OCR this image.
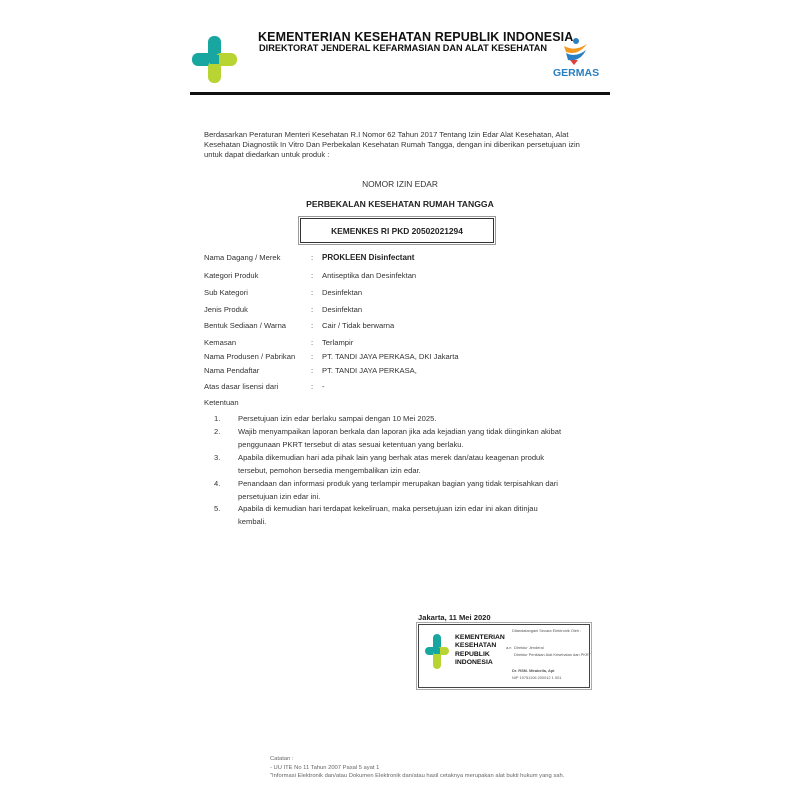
KEMENTERIAN KESEHATAN REPUBLIK INDONESIA
DIREKTORAT JENDERAL KEFARMASIAN DAN ALAT KESEHATAN
GERMAS
Berdasarkan Peraturan Menteri Kesehatan R.I Nomor 62 Tahun 2017 Tentang Izin Edar Alat Kesehatan, Alat Kesehatan Diagnostik In Vitro Dan Perbekalan Kesehatan Rumah Tangga, dengan ini diberikan persetujuan izin untuk dapat diedarkan untuk produk :
NOMOR IZIN EDAR
PERBEKALAN KESEHATAN RUMAH TANGGA
KEMENKES RI PKD 20502021294
Nama Dagang / Merek	: PROKLEEN Disinfectant
Kategori Produk	: Antiseptika dan Desinfektan
Sub Kategori	: Desinfektan
Jenis Produk	: Desinfektan
Bentuk Sediaan / Warna	: Cair / Tidak berwarna
Kemasan	: Terlampir
Nama Produsen / Pabrikan : PT. TANDI JAYA PERKASA, DKI Jakarta
Nama Pendaftar	: PT. TANDI JAYA PERKASA,
Atas dasar lisensi dari	: -
Ketentuan
1. Persetujuan izin edar berlaku sampai dengan 10 Mei 2025.
2. Wajib menyampaikan laporan berkala dan laporan jika ada kejadian yang tidak diinginkan akibat
penggunaan PKRT tersebut di atas sesuai ketentuan yang berlaku.
3. Apabila dikemudian hari ada pihak lain yang berhak atas merek dan/atau keagenan produk
tersebut, pemohon bersedia mengembalikan izin edar.
4. Penandaan dan informasi produk yang terlampir merupakan bagian yang tidak terpisahkan dari
persetujuan izin edar ini.
5. Apabila di kemudian hari terdapat kekeliruan, maka persetujuan izin edar ini akan ditinjau
kembali.
Jakarta, 11 Mei 2020
KEMENTERIAN
KESEHATAN
REPUBLIK
INDONESIA
Ditandatangani Secara Elektronik Oleh :
a.n Direktur Jenderal
Direktur Penilaian Alat Kesehatan dan PKRT
Dr. RSM. Mirabella, Apt
NIP 19751106 200012 1 001
Catatan :
- UU ITE No 11 Tahun 2007 Pasal 5 ayat 1
"Informasi Elektronik dan/atau Dokumen Elektronik dan/atau hasil cetaknya merupakan alat bukti hukum yang sah.
